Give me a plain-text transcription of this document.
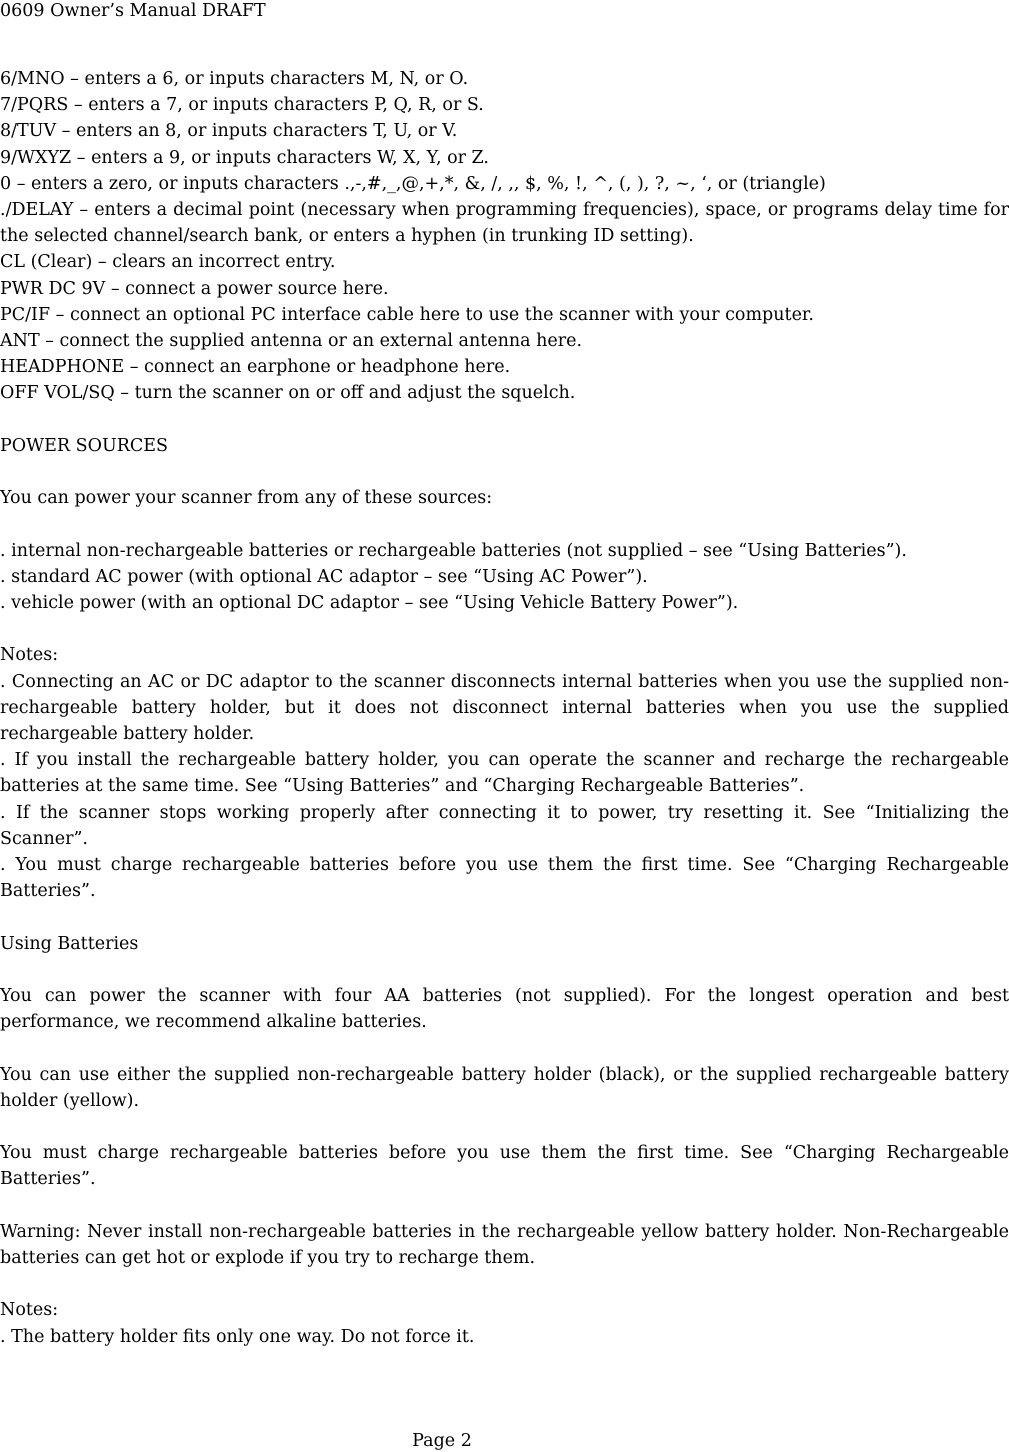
0609 Owner’s Manual DRAFT

6/MNO – enters a 6, or inputs characters M, N, or O.

7/PQRS – enters a 7, or inputs characters P, Q, R, or S.

8/TUV – enters an 8, or inputs characters T, U, or V.

9/WXYZ – enters a 9, or inputs characters W, X, Y, or Z.

0 – enters a zero, or inputs characters .,-,#,_,@,+,*, &, /, ,, $, %, !, ^, (, ), ?, ~, ‘, or (triangle)

./DELAY – enters a decimal point (necessary when programming frequencies), space, or programs delay time for the selected channel/search bank, or enters a hyphen (in trunking ID setting).

CL (Clear) – clears an incorrect entry.

PWR DC 9V – connect a power source here.

PC/IF – connect an optional PC interface cable here to use the scanner with your computer.

ANT – connect the supplied antenna or an external antenna here.

HEADPHONE – connect an earphone or headphone here.

OFF VOL/SQ – turn the scanner on or off and adjust the squelch.

POWER SOURCES

You can power your scanner from any of these sources:

. internal non-rechargeable batteries or rechargeable batteries (not supplied – see “Using Batteries”).

. standard AC power (with optional AC adaptor – see “Using AC Power”).

. vehicle power (with an optional DC adaptor – see “Using Vehicle Battery Power”).

Notes:

. Connecting an AC or DC adaptor to the scanner disconnects internal batteries when you use the supplied non-rechargeable battery holder, but it does not disconnect internal batteries when you use the supplied rechargeable battery holder.

. If you install the rechargeable battery holder, you can operate the scanner and recharge the rechargeable batteries at the same time. See “Using Batteries” and “Charging Rechargeable Batteries”.

. If the scanner stops working properly after connecting it to power, try resetting it. See “Initializing the Scanner”.

. You must charge rechargeable batteries before you use them the first time. See “Charging Rechargeable Batteries”.

Using Batteries

You can power the scanner with four AA batteries (not supplied). For the longest operation and best performance, we recommend alkaline batteries.

You can use either the supplied non-rechargeable battery holder (black), or the supplied rechargeable battery holder (yellow).

You must charge rechargeable batteries before you use them the first time. See “Charging Rechargeable Batteries”.

Warning: Never install non-rechargeable batteries in the rechargeable yellow battery holder. Non-Rechargeable batteries can get hot or explode if you try to recharge them.

Notes:

. The battery holder fits only one way. Do not force it.

Page 2
